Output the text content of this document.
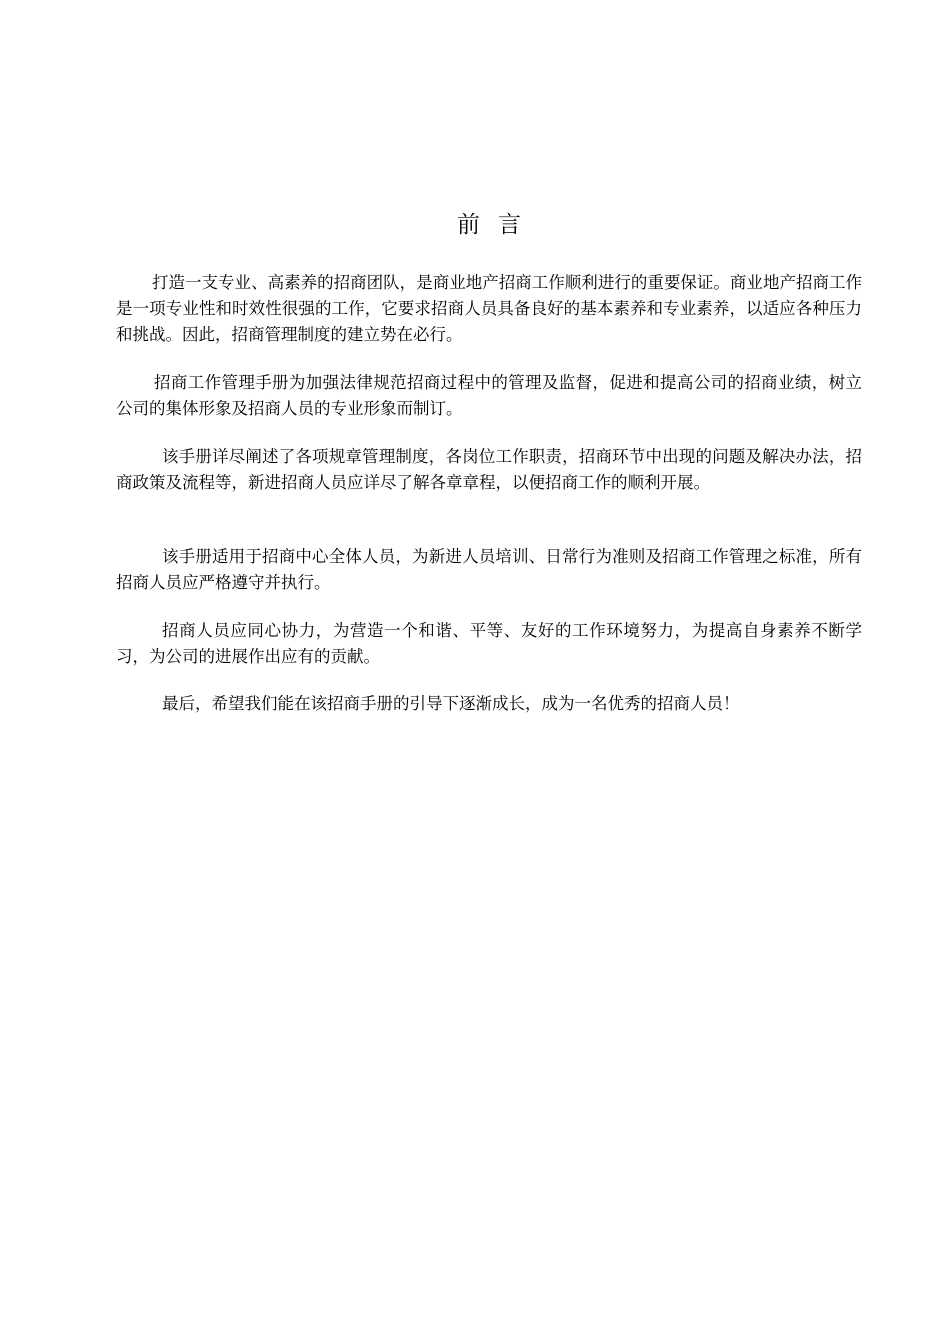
前言

打造一支专业、高素养的招商团队，是商业地产招商工作顺利进行的重要保证。商业地产招商工作是一项专业性和时效性很强的工作，它要求招商人员具备良好的基本素养和专业素养，以适应各种压力和挑战。因此，招商管理制度的建立势在必行。

招商工作管理手册为加强法律规范招商过程中的管理及监督，促进和提高公司的招商业绩，树立公司的集体形象及招商人员的专业形象而制订。

该手册详尽阐述了各项规章管理制度，各岗位工作职责，招商环节中出现的问题及解决办法，招商政策及流程等，新进招商人员应详尽了解各章章程，以便招商工作的顺利开展。

该手册适用于招商中心全体人员，为新进人员培训、日常行为准则及招商工作管理之标准，所有招商人员应严格遵守并执行。

招商人员应同心协力，为营造一个和谐、平等、友好的工作环境努力，为提高自身素养不断学习，为公司的进展作出应有的贡献。

最后，希望我们能在该招商手册的引导下逐渐成长，成为一名优秀的招商人员！
